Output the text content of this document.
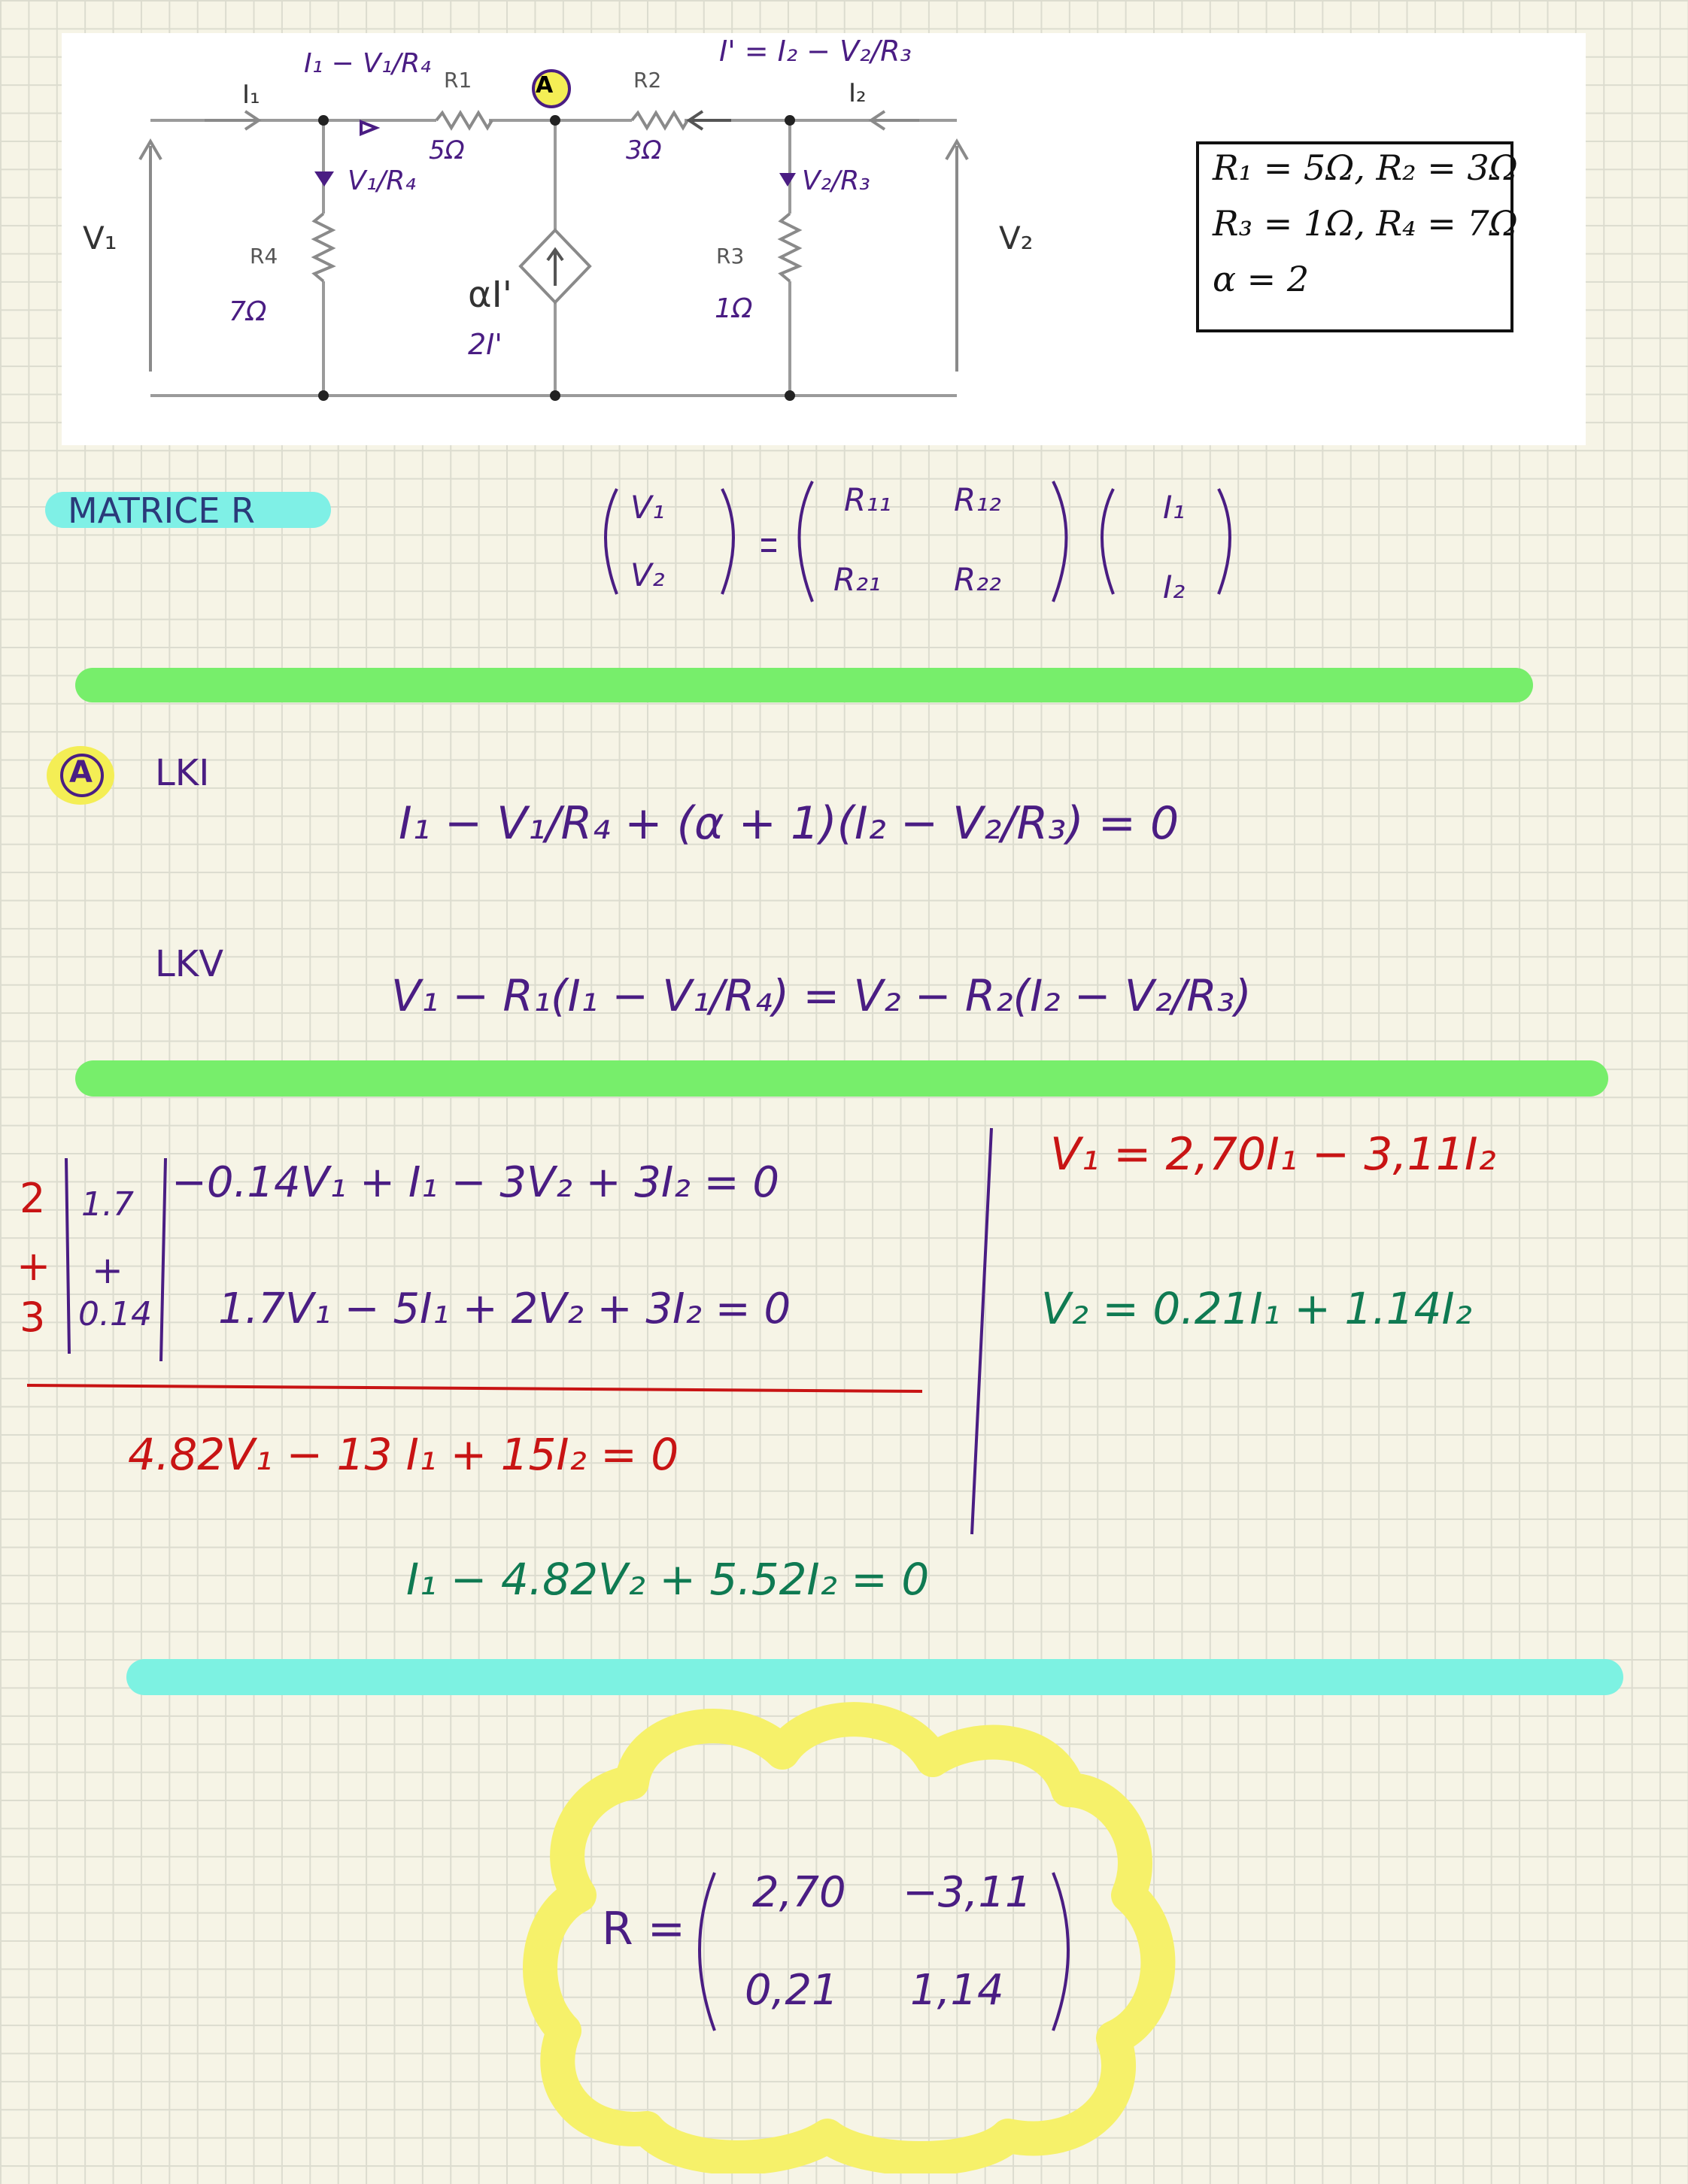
V₁	V₂
I₁	I₂
R1	R2
R4	R3
αI'
A
I₁ − V₁/R₄
5Ω	3Ω
V₁/R₄	V₂/R₃
7Ω	1Ω
I' = I₂ − V₂/R₃
2I'
R₁ = 5Ω, R₂ = 3Ω
R₃ = 1Ω, R₄ = 7Ω
α = 2
MATRICE R	V₁
V₂
R₁₁ R₁₂
R₂₁ R₂₂
I₁
I₂
A LKI
I₁ − V₁/R₄ + (α + 1)(I₂ − V₂/R₃) = 0
LKV
V₁ − R₁(I₁ − V₁/R₄) = V₂ − R₂(I₂ − V₂/R₃)
2 1.7
+ +
3 0.14
−0.14V₁ + I₁ − 3V₂ + 3I₂ = 0
1.7V₁ − 5I₁ + 2V₂ + 3I₂ = 0
4.82V₁ − 13 I₁ + 15I₂ = 0
I₁ − 4.82V₂ + 5.52I₂ = 0
V₁ = 2,70I₁ − 3,11I₂
V₂ = 0.21I₁ + 1.14I₂
R =
2,70 −3,11
0,21 1,14
